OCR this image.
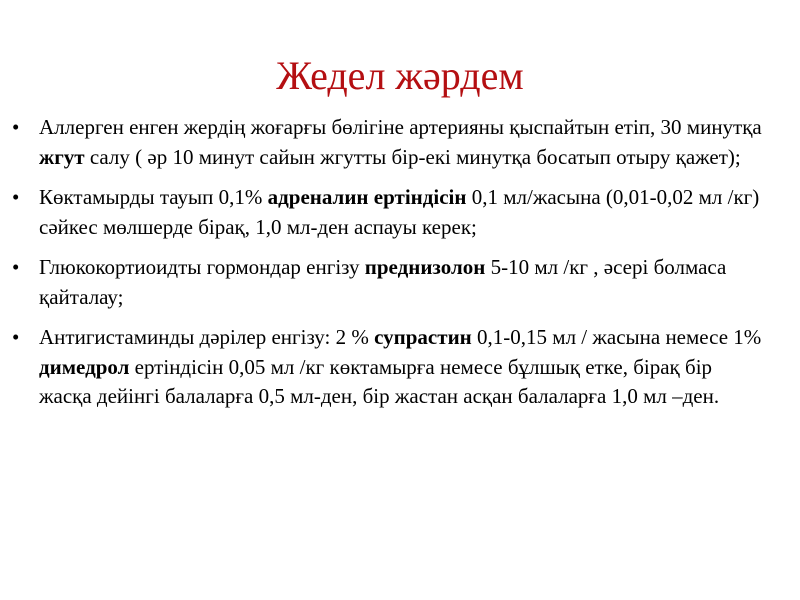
Жедел жәрдем
• Аллерген енген жердің жоғарғы бөлігіне артерияны қыспайтын етіп, 30 минутқа жгут салу ( әр 10 минут сайын жгутты бір-екі минутқа босатып отыру қажет);
• Көктамырды тауып 0,1% адреналин ертіндісін 0,1 мл/жасына (0,01-0,02 мл /кг) сәйкес мөлшерде бірақ, 1,0 мл-ден аспауы керек;
• Глюкокортиоидты гормондар енгізу преднизолон 5-10 мл /кг , әсері болмаса қайталау;
• Антигистаминды дәрілер енгізу: 2 % супрастин 0,1-0,15 мл / жасына немесе 1% димедрол ертіндісін 0,05 мл /кг көктамырға немесе бұлшық етке, бірақ бір жасқа дейінгі балаларға 0,5 мл-ден, бір жастан асқан балаларға 1,0 мл –ден.
